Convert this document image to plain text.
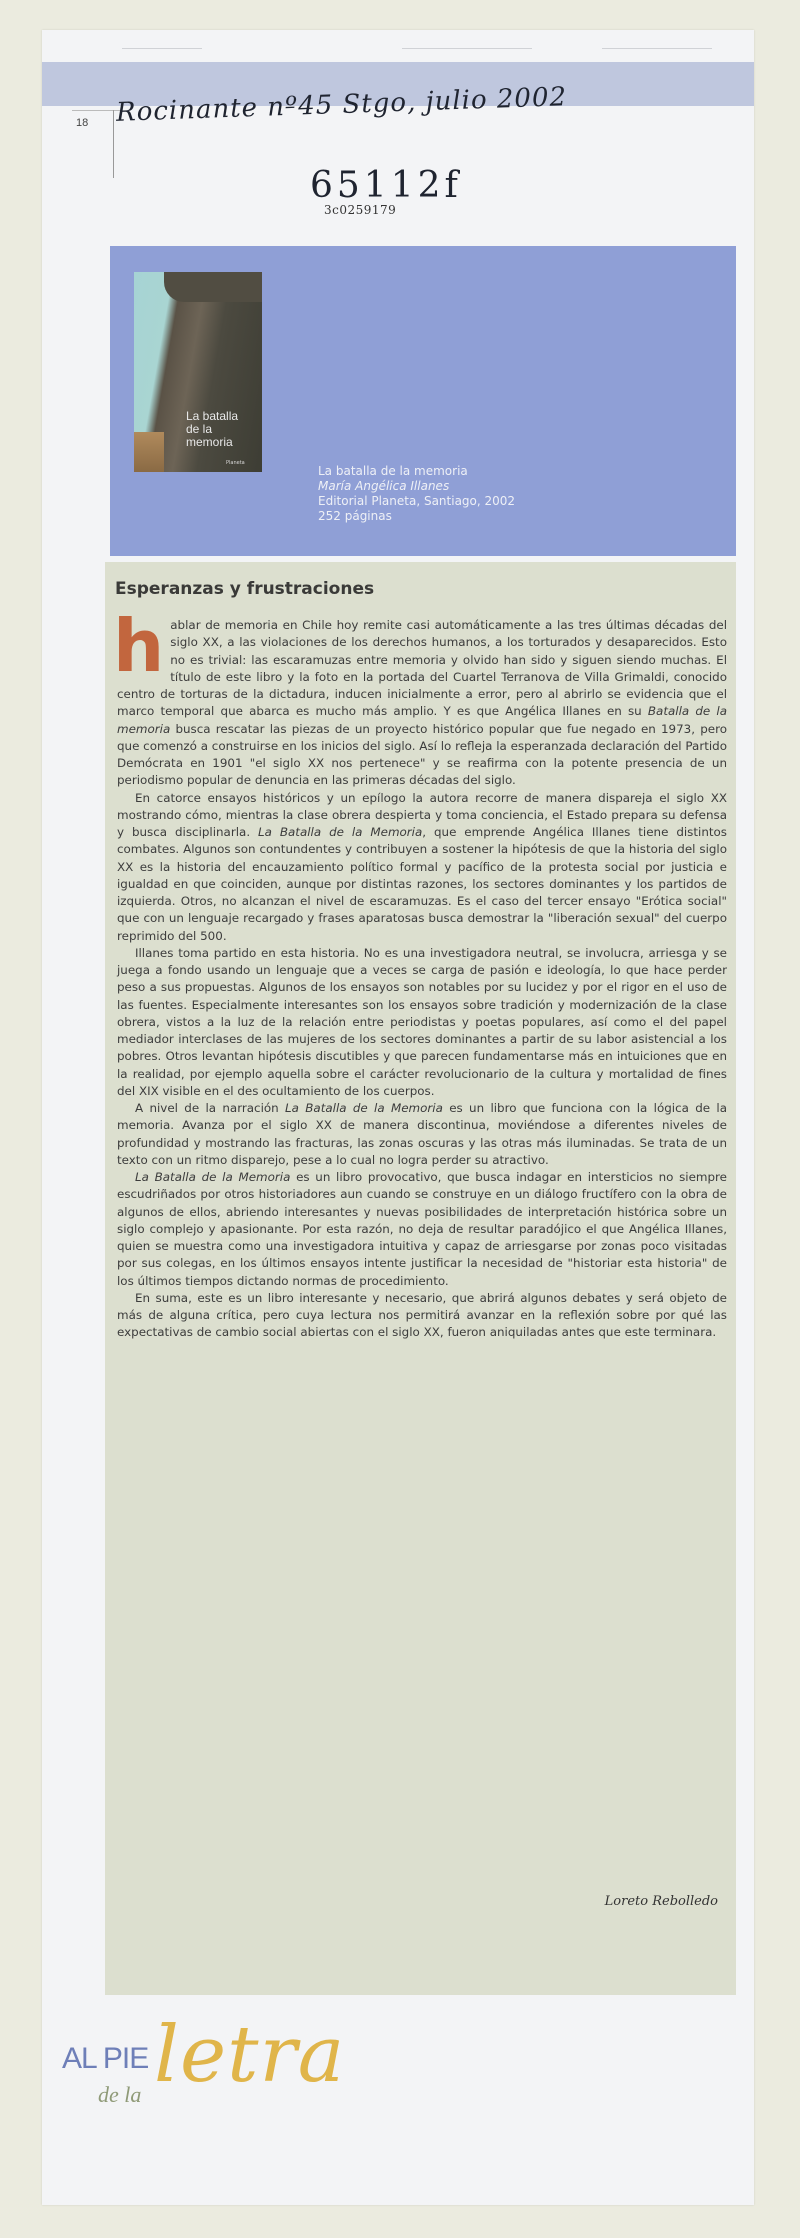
18 Rocinante nº45 Stgo, julio 2002
65112f
3c0259179
La batalla
de la
memoria
Planeta
La batalla de la memoria
María Angélica Illanes
Editorial Planeta, Santiago, 2002
252 páginas
Esperanzas y frustraciones

hablar de memoria en Chile hoy remite casi automáticamente a las tres últimas décadas del siglo XX, a las violaciones de los derechos humanos, a los torturados y desaparecidos. Esto no es trivial: las escaramuzas entre memoria y olvido han sido y siguen siendo muchas. El título de este libro y la foto en la portada del Cuartel Terranova de Villa Grimaldi, conocido centro de torturas de la dictadura, inducen inicialmente a error, pero al abrirlo se evidencia que el marco temporal que abarca es mucho más amplio. Y es que Angélica Illanes en su Batalla de la memoria busca rescatar las piezas de un proyecto histórico popular que fue negado en 1973, pero que comenzó a construirse en los inicios del siglo. Así lo refleja la esperanzada declaración del Partido Demócrata en 1901 "el siglo XX nos pertenece" y se reafirma con la potente presencia de un periodismo popular de denuncia en las primeras décadas del siglo.

En catorce ensayos históricos y un epílogo la autora recorre de manera dispareja el siglo XX mostrando cómo, mientras la clase obrera despierta y toma conciencia, el Estado prepara su defensa y busca disciplinarla. La Batalla de la Memoria, que emprende Angélica Illanes tiene distintos combates. Algunos son contundentes y contribuyen a sostener la hipótesis de que la historia del siglo XX es la historia del encauzamiento político formal y pacífico de la protesta social por justicia e igualdad en que coinciden, aunque por distintas razones, los sectores dominantes y los partidos de izquierda. Otros, no alcanzan el nivel de escaramuzas. Es el caso del tercer ensayo "Erótica social" que con un lenguaje recargado y frases aparatosas busca demostrar la "liberación sexual" del cuerpo reprimido del 500.

Illanes toma partido en esta historia. No es una investigadora neutral, se involucra, arriesga y se juega a fondo usando un lenguaje que a veces se carga de pasión e ideología, lo que hace perder peso a sus propuestas. Algunos de los ensayos son notables por su lucidez y por el rigor en el uso de las fuentes. Especialmente interesantes son los ensayos sobre tradición y modernización de la clase obrera, vistos a la luz de la relación entre periodistas y poetas populares, así como el del papel mediador interclases de las mujeres de los sectores dominantes a partir de su labor asistencial a los pobres. Otros levantan hipótesis discutibles y que parecen fundamentarse más en intuiciones que en la realidad, por ejemplo aquella sobre el carácter revolucionario de la cultura y mortalidad de fines del XIX visible en el des ocultamiento de los cuerpos.

A nivel de la narración La Batalla de la Memoria es un libro que funciona con la lógica de la memoria. Avanza por el siglo XX de manera discontinua, moviéndose a diferentes niveles de profundidad y mostrando las fracturas, las zonas oscuras y las otras más iluminadas. Se trata de un texto con un ritmo disparejo, pese a lo cual no logra perder su atractivo.

La Batalla de la Memoria es un libro provocativo, que busca indagar en intersticios no siempre escudriñados por otros historiadores aun cuando se construye en un diálogo fructífero con la obra de algunos de ellos, abriendo interesantes y nuevas posibilidades de interpretación histórica sobre un siglo complejo y apasionante. Por esta razón, no deja de resultar paradójico el que Angélica Illanes, quien se muestra como una investigadora intuitiva y capaz de arriesgarse por zonas poco visitadas por sus colegas, en los últimos ensayos intente justificar la necesidad de "historiar esta historia" de los últimos tiempos dictando normas de procedimiento.

En suma, este es un libro interesante y necesario, que abrirá algunos debates y será objeto de más de alguna crítica, pero cuya lectura nos permitirá avanzar en la reflexión sobre por qué las expectativas de cambio social abiertas con el siglo XX, fueron aniquiladas antes que este terminara.

Loreto Rebolledo
letra
AL PIE
de la
